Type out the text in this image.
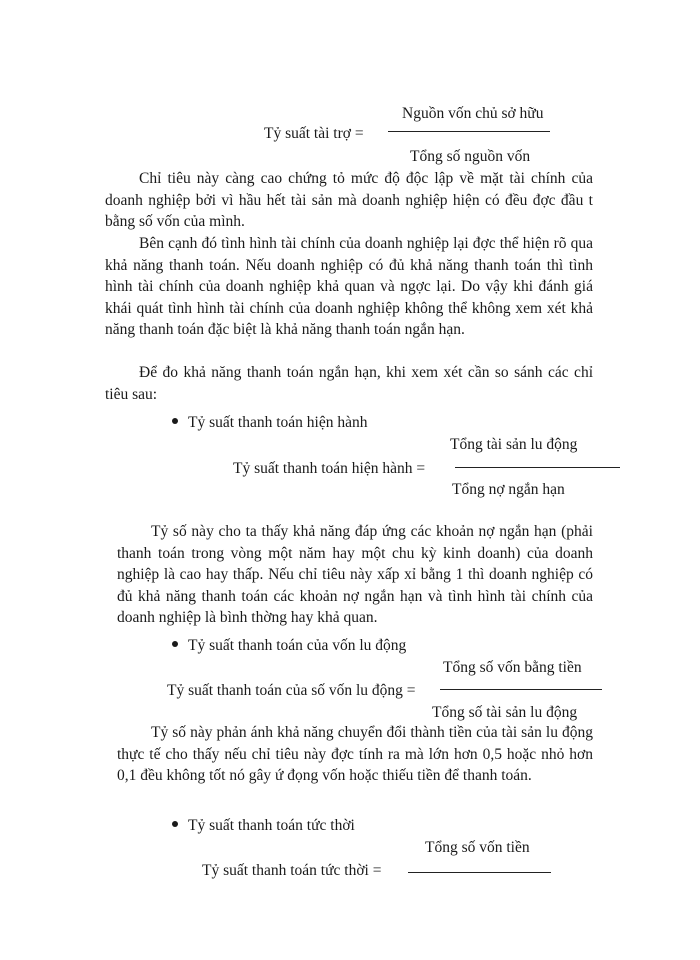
Nguồn vốn chủ sở hữu
Tỷ suất tài trợ =
Tổng số nguồn vốn

Chỉ tiêu này càng cao chứng tỏ mức độ độc lập về mặt tài chính của doanh nghiệp bởi vì hầu hết tài sản mà doanh nghiệp hiện có đều đợc đầu t bằng số vốn của mình.

Bên cạnh đó tình hình tài chính của doanh nghiệp lại đợc thể hiện rõ qua khả năng thanh toán. Nếu doanh nghiệp có đủ khả năng thanh toán thì tình hình tài chính của doanh nghiệp khả quan và ngợc lại. Do vậy khi đánh giá khái quát tình hình tài chính của doanh nghiệp không thể không xem xét khả năng thanh toán đặc biệt là khả năng thanh toán ngắn hạn.

Để đo khả năng thanh toán ngắn hạn, khi xem xét cần so sánh các chỉ tiêu sau:

Tỷ suất thanh toán hiện hành
Tổng tài sản lu động
Tỷ suất thanh toán hiện hành =
Tổng nợ ngắn hạn

Tỷ số này cho ta thấy khả năng đáp ứng các khoản nợ ngắn hạn (phải thanh toán trong vòng một năm hay một chu kỳ kinh doanh) của doanh nghiệp là cao hay thấp. Nếu chỉ tiêu này xấp xỉ bằng 1 thì doanh nghiệp có đủ khả năng thanh toán các khoản nợ ngắn hạn và tình hình tài chính của doanh nghiệp là bình thờng hay khả quan.

Tỷ suất thanh toán của vốn lu động
Tổng số vốn bằng tiền
Tỷ suất thanh toán của số vốn lu động =
Tổng số tài sản lu động

Tỷ số này phản ánh khả năng chuyển đổi thành tiền của tài sản lu động thực tế cho thấy nếu chỉ tiêu này đợc tính ra mà lớn hơn 0,5 hoặc nhỏ hơn 0,1 đều không tốt nó gây ứ đọng vốn hoặc thiếu tiền để thanh toán.

Tỷ suất thanh toán tức thời
Tổng số vốn tiền
Tỷ suất thanh toán tức thời =
